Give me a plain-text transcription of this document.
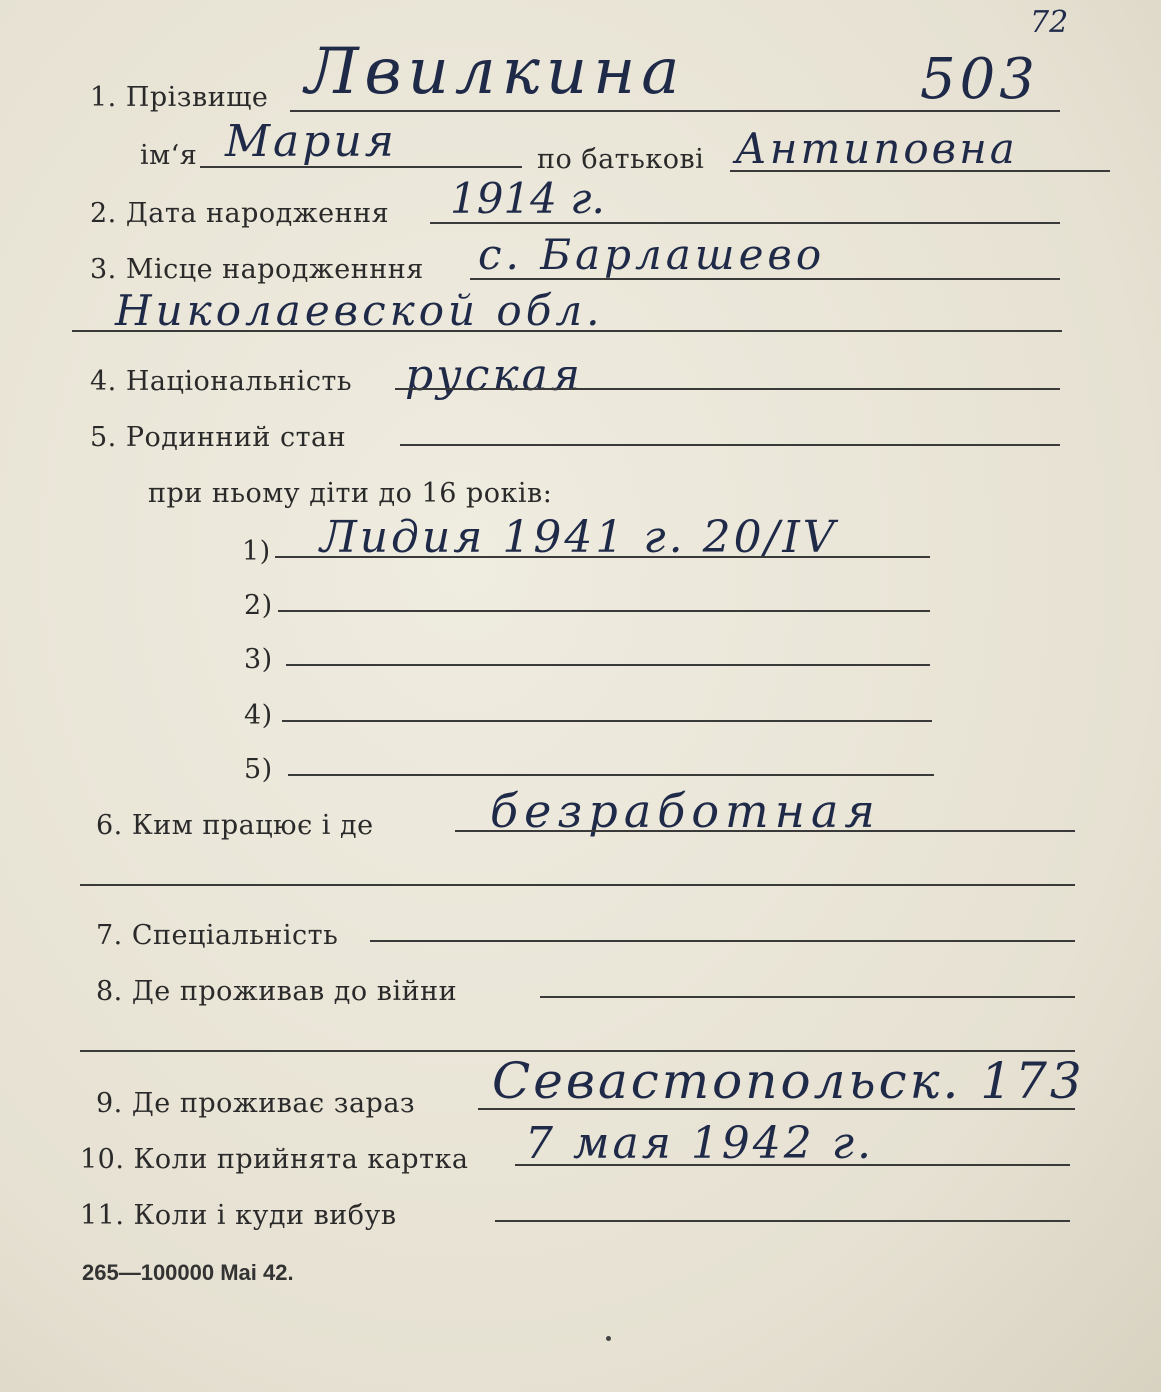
72
1. Прізвище Лвилкина	503
ім‘я Мария	по батькові Антиповна
2. Дата народження 1914 г.
3. Місце народженння с. Барлашево
Николаевской обл.
4. Національність руская
5. Родинний стан
при ньому діти до 16 років:
1) Лидия 1941 г. 20/IV
2)
3)
4)
5)
6. Ким працює і де	безработная
7. Спеціальність
8. Де проживав до війни
9. Де проживає зараз Севастопольск. 173
10. Коли прийнята картка 7 мая 1942 г.
11. Коли і куди вибув
265—100000 Mai 42.
